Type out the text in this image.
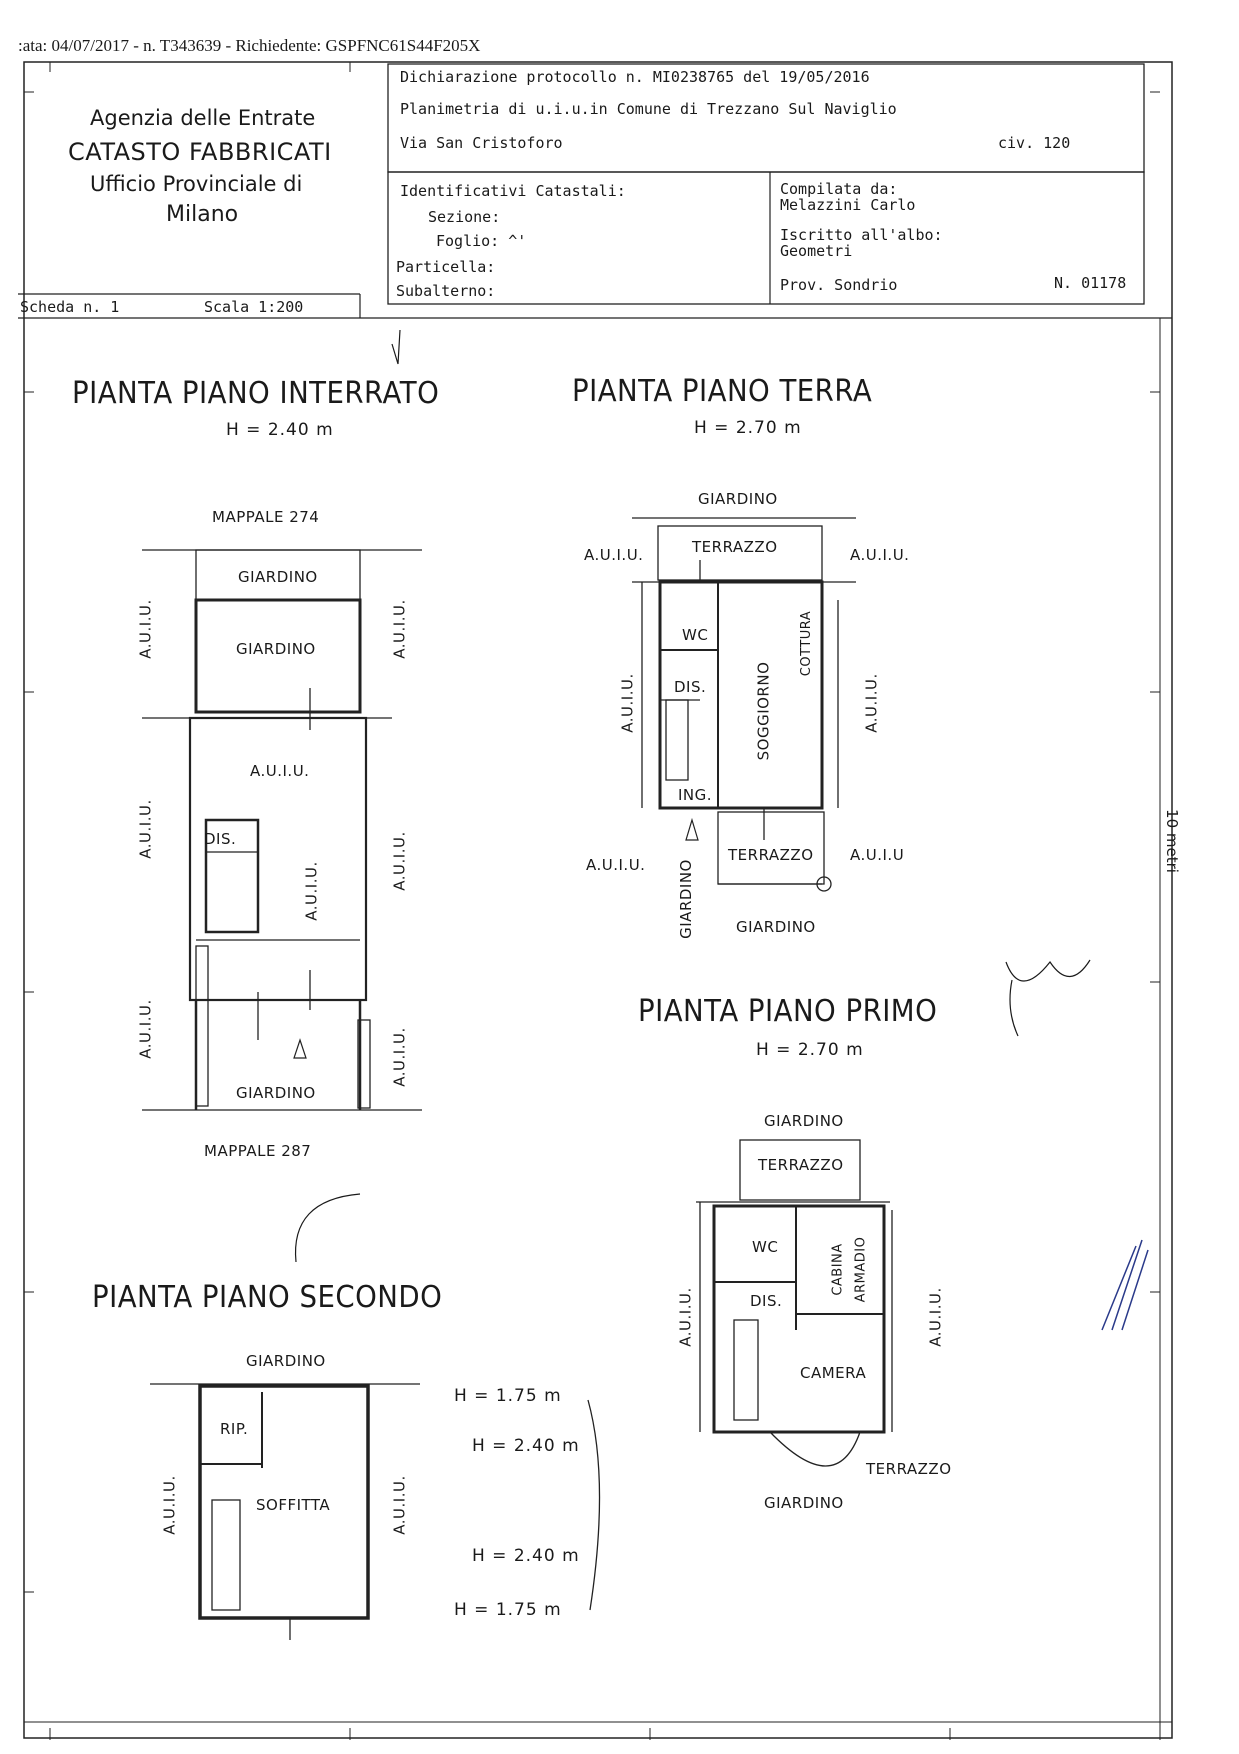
:ata: 04/07/2017 - n. T343639 - Richiedente: GSPFNC61S44F205X
Agenzia delle Entrate
CATASTO FABBRICATI
Ufficio Provinciale di
Milano
Dichiarazione protocollo n. MI0238765 del 19/05/2016
Planimetria di u.i.u.in Comune di Trezzano Sul Naviglio
Via San Cristoforo	civ. 120
Identificativi Catastali:
Sezione:
Foglio: ^'
Particella:
Subalterno:
Compilata da:
Melazzini Carlo
Iscritto all'albo:
Geometri
Prov. Sondrio	N. 01178
Scheda n. 1	Scala 1:200
10 metri
PIANTA PIANO INTERRATO
H = 2.40 m
MAPPALE 274
GIARDINO
GIARDINO
A.U.I.U.
DIS.
A.U.I.U.
GIARDINO
MAPPALE 287
A.U.I.U.
A.U.I.U.
A.U.I.U.
A.U.I.U.
A.U.I.U.
A.U.I.U.
PIANTA PIANO TERRA
H = 2.70 m
GIARDINO
TERRAZZO
A.U.I.U.	A.U.I.U.
WC	COTTURA
DIS.	SOGGIORNO
ING.
A.U.I.U.	A.U.I.U.
A.U.I.U.
TERRAZZO A.U.I.U
GIARDINO	GIARDINO
PIANTA PIANO PRIMO
H = 2.70 m
GIARDINO
TERRAZZO
WC	CABINA ARMADIO
DIS.
CAMERA
TERRAZZO
GIARDINO
A.U.I.U.	A.U.I.U.
PIANTA PIANO SECONDO
GIARDINO
RIP.
SOFFITTA
A.U.I.U.	A.U.I.U.
H = 1.75 m
H = 2.40 m
H = 2.40 m
H = 1.75 m
